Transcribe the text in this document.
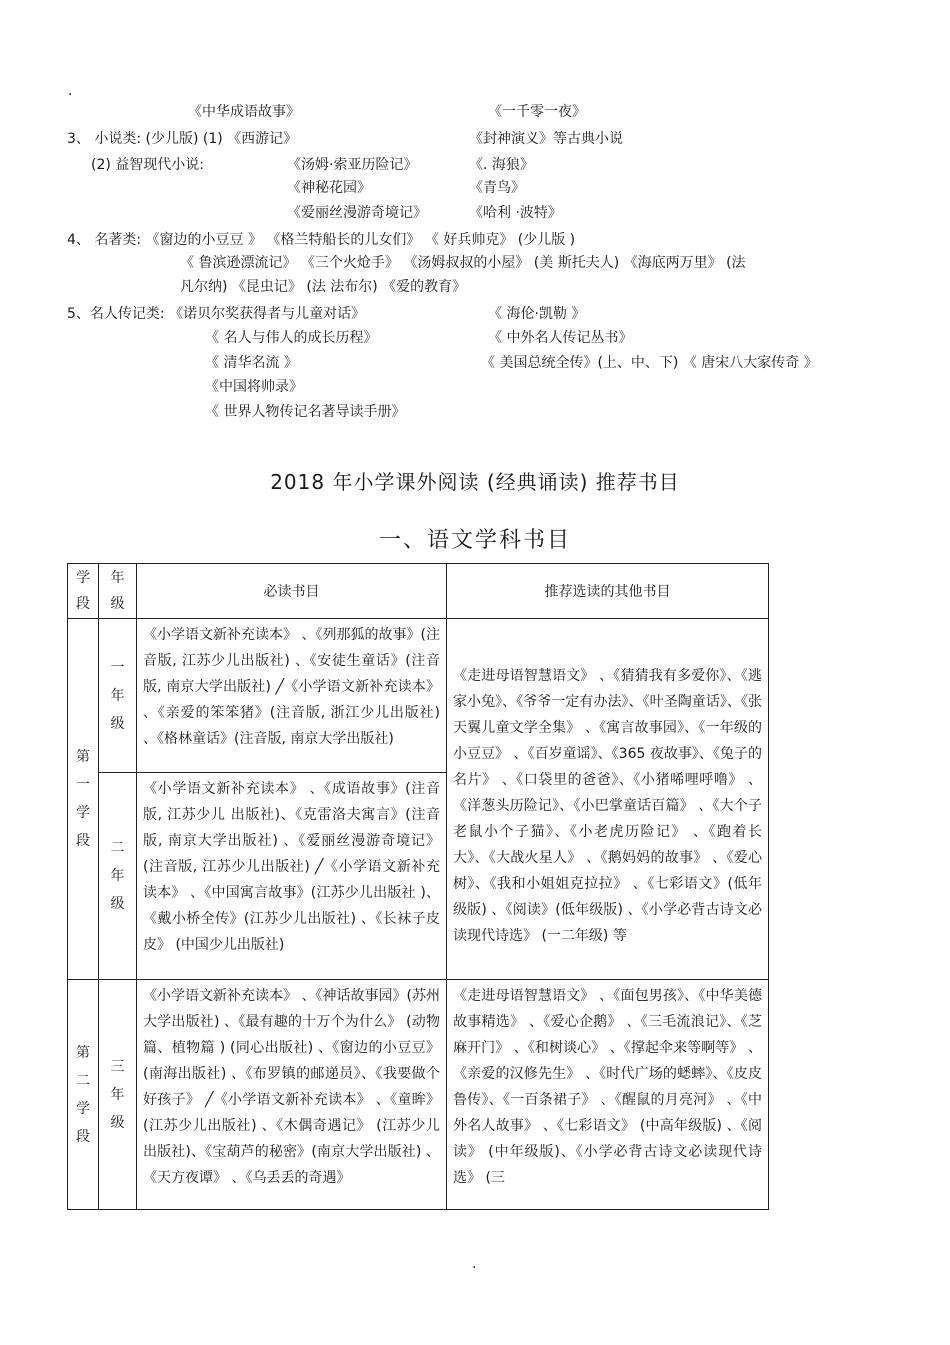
.
《中华成语故事》	《一千零一夜》
3、 小说类: (少儿版) (1) 《西游记》	《封神演义》等古典小说
(2) 益智现代小说:	《汤姆·索亚历险记》	《. 海狼》
《神秘花园》	《青鸟》
《爱丽丝漫游奇境记》	《哈利 ·波特》
4、 名著类: 《窗边的小豆豆 》 《格兰特船长的儿女们》 《 好兵帅克》 (少儿版 )
《 鲁滨逊漂流记》 《三个火炝手》 《汤姆叔叔的小屋》 (美 斯托夫人) 《海底两万里》 (法
凡尔纳) 《昆虫记》 (法 法布尔) 《爱的教育》
5、名人传记类: 《诺贝尔奖获得者与儿童对话》	《 海伦·凯勒 》
《 名人与伟人的成长历程》	《 中外名人传记丛书》
《 清华名流 》	《 美国总统全传》(上、中、下) 《 唐宋八大家传奇 》
《中国将帅录》
《 世界人物传记名著导读手册》
2018 年小学课外阅读 (经典诵读) 推荐书目
一、语文学科书目
学段	年级	必读书目	推荐选读的其他书目
第一学段	一年级	《小学语文新补充读本》 、《列那狐的故事》(注音版, 江苏少儿出版社) 、《安徒生童话》(注音版, 南京大学出版社) ╱《小学语文新补充读本》 、《亲爱的笨笨猪》(注音版, 浙江少儿出版社) 、《格林童话》(注音版, 南京大学出版社)	《走进母语智慧语文》 、《猜猜我有多爱你》、《逃家小兔》、《爷爷一定有办法》、《叶圣陶童话》、《张天翼儿童文学全集》 、《寓言故事园》、《一年级的小豆豆》 、《百岁童谣》、《365 夜故事》、《兔子的名片》 、《口袋里的爸爸》、《小猪唏哩呼噜》 、《洋葱头历险记》、《小巴掌童话百篇》 、《大个子老鼠小个子猫》、《小老虎历险记》 、《跑着长大》、《大战火星人》 、《鹅妈妈的故事》 、《爱心树》、《我和小姐姐克拉拉》 、《七彩语文》(低年级版) 、《阅读》(低年级版) 、《小学必背古诗文必读现代诗选》 (一二年级) 等
	二年级	《小学语文新补充读本》 、《成语故事》(注音版, 江苏少儿 出版社)、《克雷洛夫寓言》(注音版, 南京大学出版社) 、《爱丽丝漫游奇境记》(注音版, 江苏少儿出版社) ╱《小学语文新补充读本》 、《中国寓言故事》(江苏少儿出版社 )、《戴小桥全传》(江苏少儿出版社) 、《长袜子皮皮》 (中国少儿出版社)	
第二学段	三年级	《小学语文新补充读本》 、《神话故事园》(苏州大学出版社) 、《最有趣的十万个为什么》 (动物篇、植物篇 ) (同心出版社) 、《窗边的小豆豆》 (南海出版社) 、《布罗镇的邮递员》、《我要做个好孩子》 ╱《小学语文新补充读本》 、《童眸》 (江苏少儿出版社) 、《木偶奇遇记》 (江苏少儿出版社)、《宝葫芦的秘密》(南京大学出版社) 、《天方夜谭》 、《乌丢丢的奇遇》	《走进母语智慧语文》 、《面包男孩》、《中华美德故事精选》 、《爱心企鹅》 、《三毛流浪记》、《芝麻开门》 、《和树谈心》 、《撑起伞来等啊等》 、《亲爱的汉修先生》 、《时代广场的蟋蟀》、《皮皮鲁传》、《一百条裙子》 、《醒鼠的月亮河》 、《中外名人故事》 、《七彩语文》 (中高年级版) 、《阅读》 (中年级版)、《小学必背古诗文必读现代诗选》 (三
.
